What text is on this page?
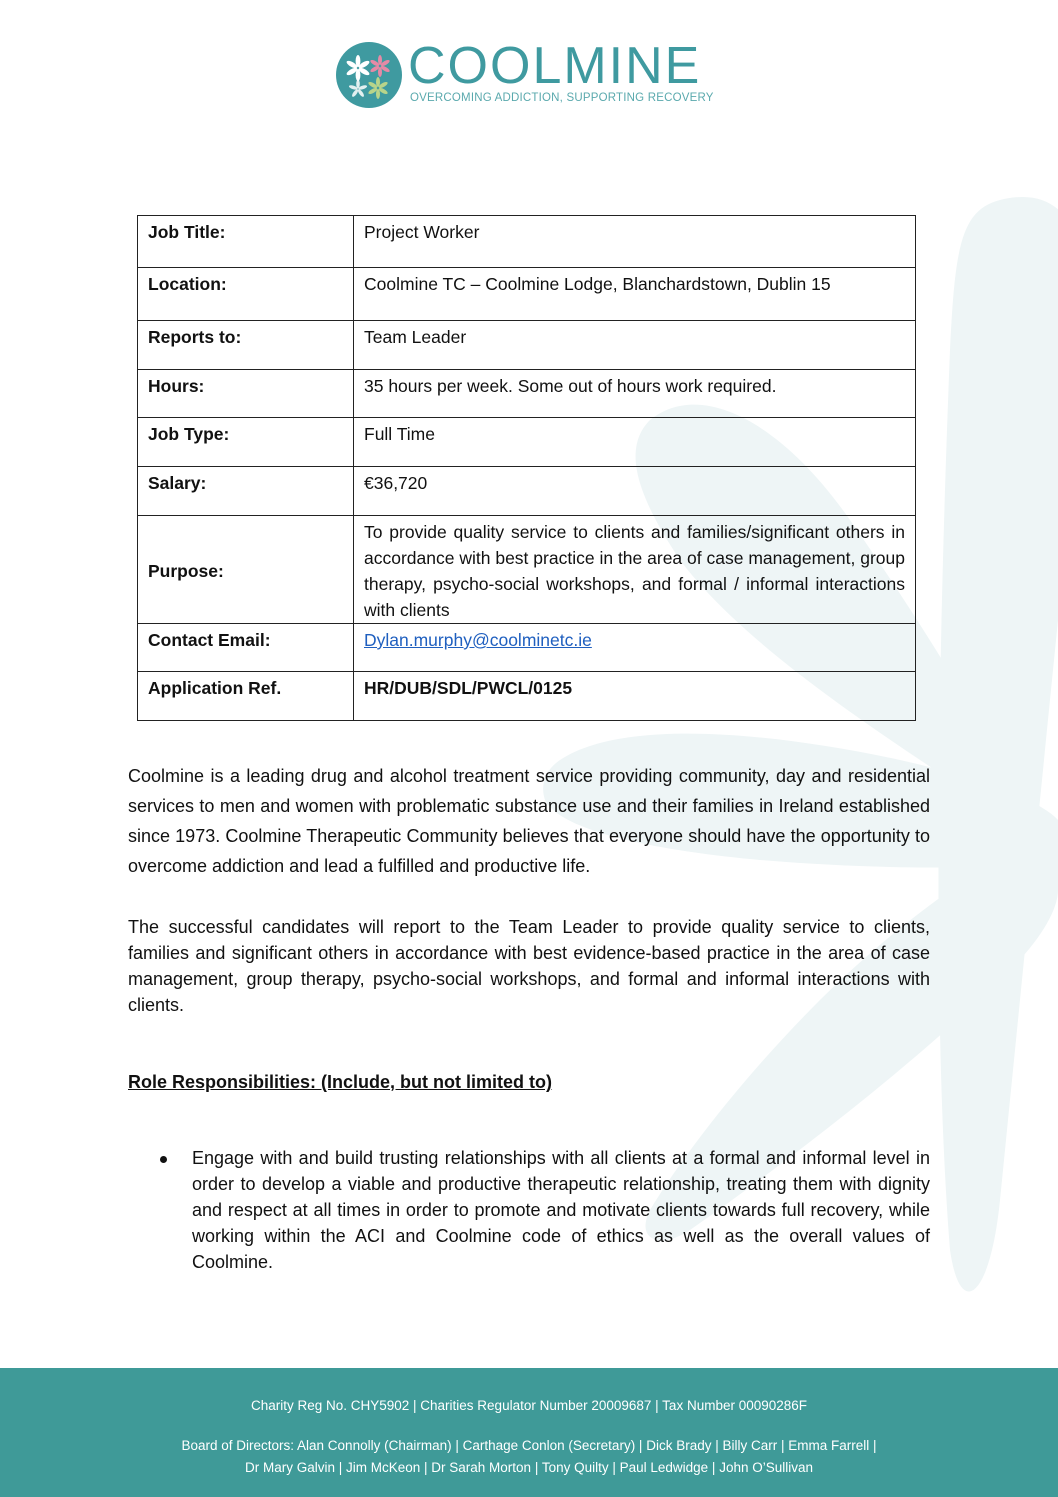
COOLMINE
OVERCOMING ADDICTION, SUPPORTING RECOVERY
Job Title:	Project Worker
Location:	Coolmine TC – Coolmine Lodge, Blanchardstown, Dublin 15
Reports to:	Team Leader
Hours:	35 hours per week. Some out of hours work required.
Job Type:	Full Time
Salary:	€36,720
Purpose:	To provide quality service to clients and families/significant others in accordance with best practice in the area of case management, group therapy, psycho-social workshops, and formal / informal interactions with clients
Contact Email:	Dylan.murphy@coolminetc.ie
Application Ref.	HR/DUB/SDL/PWCL/0125

Coolmine is a leading drug and alcohol treatment service providing community, day and residential services to men and women with problematic substance use and their families in Ireland established since 1973. Coolmine Therapeutic Community believes that everyone should have the opportunity to overcome addiction and lead a fulfilled and productive life.

The successful candidates will report to the Team Leader to provide quality service to clients, families and significant others in accordance with best evidence-based practice in the area of case management, group therapy, psycho-social workshops, and formal and informal interactions with clients.

Role Responsibilities: (Include, but not limited to)

Engage with and build trusting relationships with all clients at a formal and informal level in order to develop a viable and productive therapeutic relationship, treating them with dignity and respect at all times in order to promote and motivate clients towards full recovery, while working within the ACI and Coolmine code of ethics as well as the overall values of Coolmine.

Charity Reg No. CHY5902 | Charities Regulator Number 20009687 | Tax Number 00090286F
Board of Directors: Alan Connolly (Chairman) | Carthage Conlon (Secretary) | Dick Brady | Billy Carr | Emma Farrell |
Dr Mary Galvin | Jim McKeon | Dr Sarah Morton | Tony Quilty | Paul Ledwidge | John O’Sullivan
